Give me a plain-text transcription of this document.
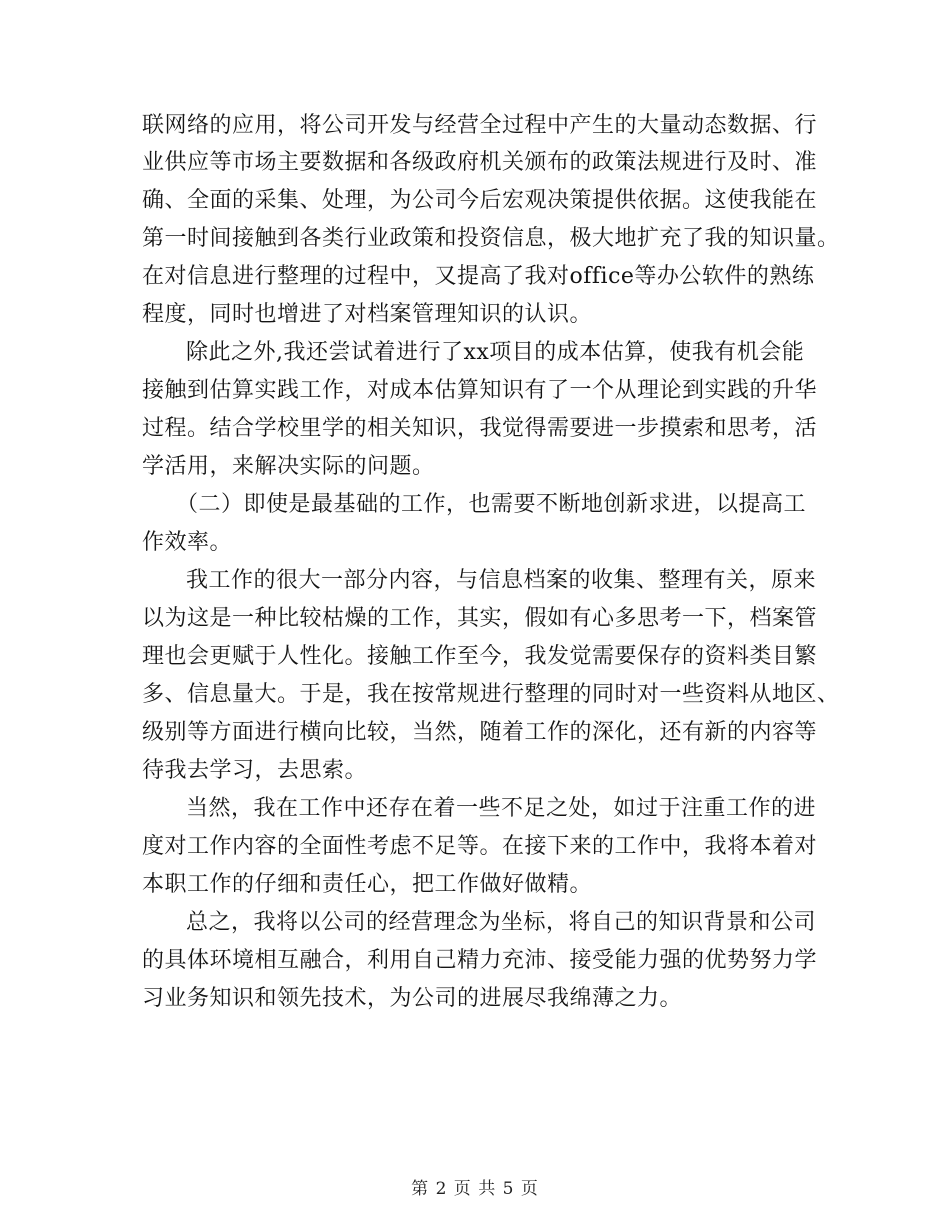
联网络的应用，将公司开发与经营全过程中产生的大量动态数据、行
业供应等市场主要数据和各级政府机关颁布的政策法规进行及时、准
确、全面的采集、处理，为公司今后宏观决策提供依据。这使我能在
第一时间接触到各类行业政策和投资信息，极大地扩充了我的知识量。
在对信息进行整理的过程中，又提高了我对office等办公软件的熟练
程度，同时也增进了对档案管理知识的认识。
除此之外,我还尝试着进行了xx项目的成本估算，使我有机会能
接触到估算实践工作，对成本估算知识有了一个从理论到实践的升华
过程。结合学校里学的相关知识，我觉得需要进一步摸索和思考，活
学活用，来解决实际的问题。
（二）即使是最基础的工作，也需要不断地创新求进，以提高工
作效率。
我工作的很大一部分内容，与信息档案的收集、整理有关，原来
以为这是一种比较枯燥的工作，其实，假如有心多思考一下，档案管
理也会更赋于人性化。接触工作至今，我发觉需要保存的资料类目繁
多、信息量大。于是，我在按常规进行整理的同时对一些资料从地区、
级别等方面进行横向比较，当然，随着工作的深化，还有新的内容等
待我去学习，去思索。
当然，我在工作中还存在着一些不足之处，如过于注重工作的进
度对工作内容的全面性考虑不足等。在接下来的工作中，我将本着对
本职工作的仔细和责任心，把工作做好做精。
总之，我将以公司的经营理念为坐标，将自己的知识背景和公司
的具体环境相互融合，利用自己精力充沛、接受能力强的优势努力学
习业务知识和领先技术，为公司的进展尽我绵薄之力。
第 2 页 共 5 页
